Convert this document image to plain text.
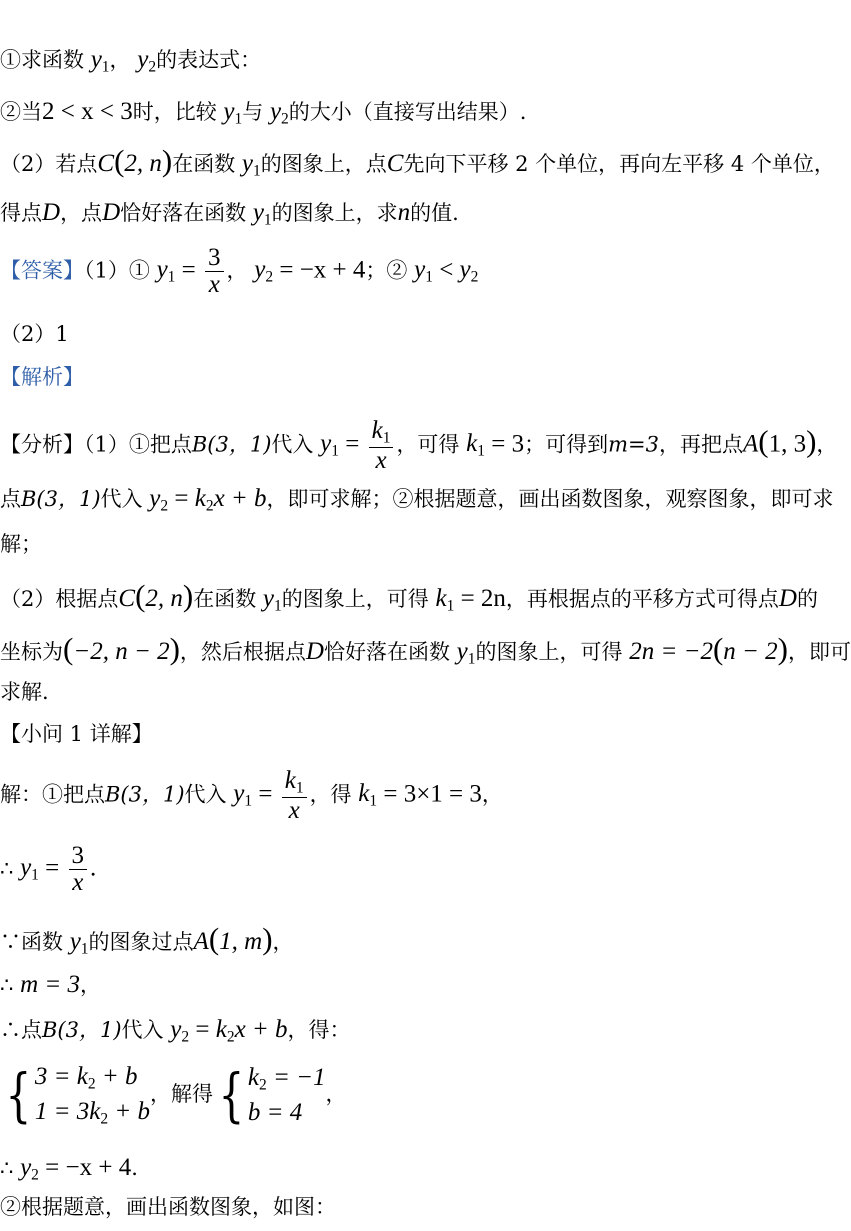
①求函数 $y_1$， $y_2$的表达式：
②当2 < x < 3时，比较 $y_1$与 $y_2$的大小（直接写出结果）.
（2）若点C(2, n)在函数 $y_1$的图象上，点C先向下平移 2 个单位，再向左平移 4 个单位，
得点D，点D恰好落在函数 $y_1$的图象上，求n的值.
【答案】（1）① $y_1 = \frac{3}{x}$ ， $y_2 = -x + 4$；② $y_1 < y_2$
（2）1
【解析】
【分析】（1）①把点B(3，1)代入 $y_1 = \frac{k_1}{x}$ ，可得 $k_1 = 3$；可得到m=3，再把点A(1, 3)，
点B(3，1)代入 $y_2 = k_2x + b$，即可求解；②根据题意，画出函数图象，观察图象，即可求
解；
（2）根据点C(2, n)在函数 $y_1$的图象上，可得 $k_1 = 2n$，再根据点的平移方式可得点D的
坐标为(−2, n − 2)，然后根据点D恰好落在函数 $y_1$的图象上，可得 2n = −2(n − 2)，即可
求解.
【小问 1 详解】
解：①把点B(3，1)代入 $y_1 = \frac{k_1}{x}$ ，得 $k_1 = 3\times 1 = 3$，
∴ $y_1 = \frac{3}{x}$ .
∵函数 $y_1$的图象过点A(1, m)，
∴ m = 3，
∴点B(3，1)代入 $y_2 = k_2x + b$，得：
{ $3 = k_2 + b$
$1 = 3k_2 + b$
，解得 { $k_2 = -1$
b = 4
，
∴ $y_2 = -x + 4$.
②根据题意，画出函数图象，如图：
